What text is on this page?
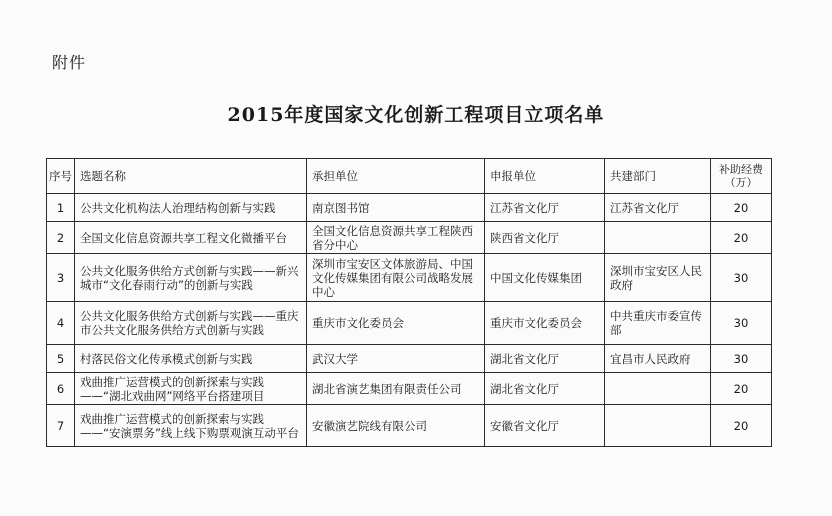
附件
2015年度国家文化创新工程项目立项名单
序号	选题名称	承担单位	申报单位	共建部门	补助经费（万）
1	公共文化机构法人治理结构创新与实践	南京图书馆	江苏省文化厅	江苏省文化厅	20
2	全国文化信息资源共享工程文化微播平台	全国文化信息资源共享工程陕西省分中心	陕西省文化厅		20
3	公共文化服务供给方式创新与实践——新兴城市“文化春雨行动”的创新与实践	深圳市宝安区文体旅游局、中国文化传媒集团有限公司战略发展中心	中国文化传媒集团	深圳市宝安区人民政府	30
4	公共文化服务供给方式创新与实践——重庆市公共文化服务供给方式创新与实践	重庆市文化委员会	重庆市文化委员会	中共重庆市委宣传部	30
5	村落民俗文化传承模式创新与实践	武汉大学	湖北省文化厅	宜昌市人民政府	30
6	戏曲推广运营模式的创新探索与实践——“湖北戏曲网”网络平台搭建项目	湖北省演艺集团有限责任公司	湖北省文化厅		20
7	戏曲推广运营模式的创新探索与实践——“安演票务”线上线下购票观演互动平台	安徽演艺院线有限公司	安徽省文化厅		20
